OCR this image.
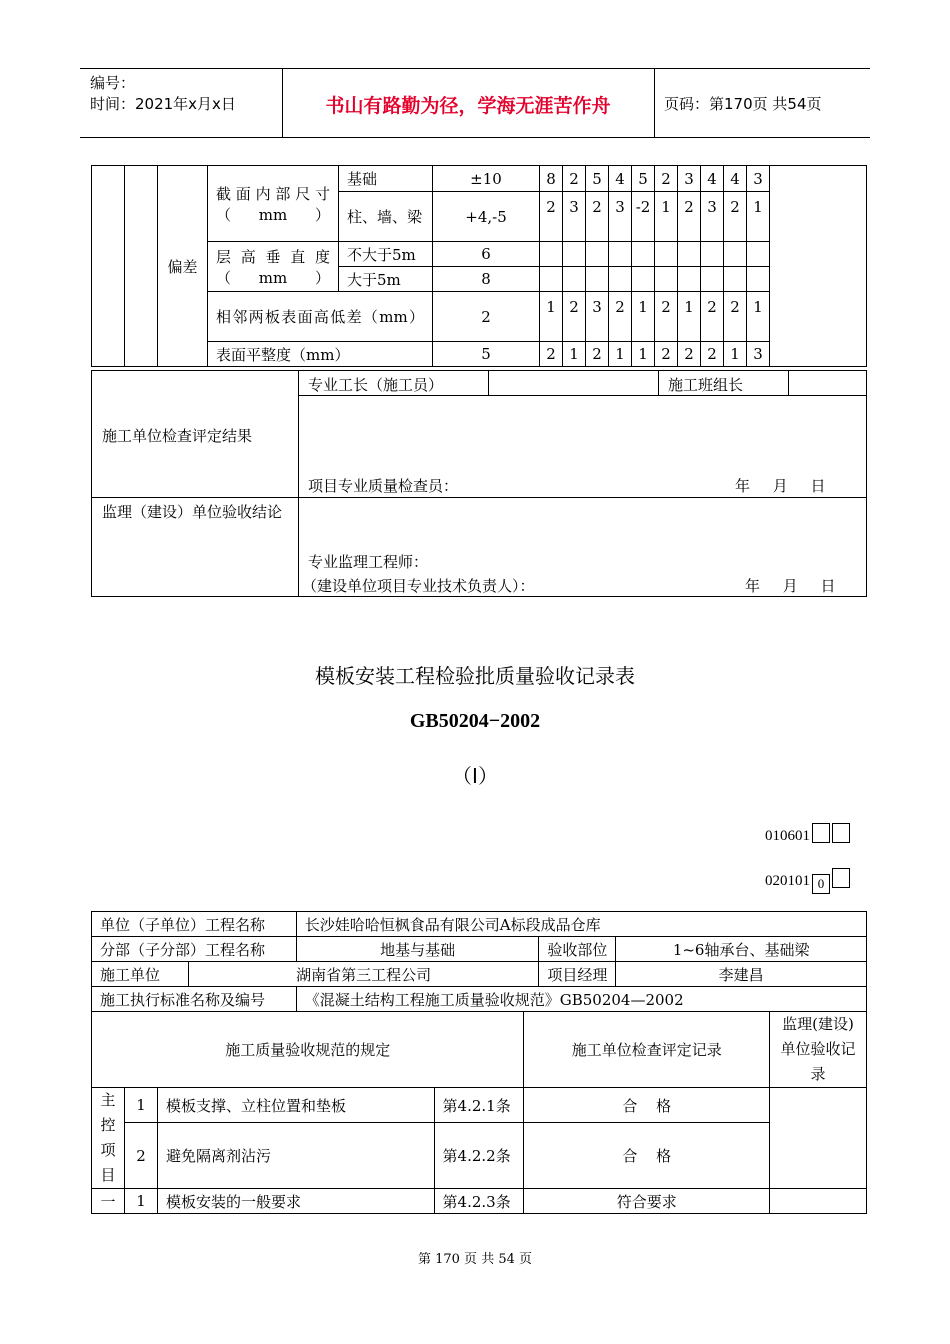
编号：
时间：2021年x月x日	书山有路勤为径，学海无涯苦作舟	页码：第170页 共54页
		偏差	截面内部尺寸（mm）	基础	±10	8	2	5	4	5	2	3	4	4	3	

				柱、墙、梁	+4,-5	2	3	2	3	-2	1	2	3	2	1	

			层高垂直度（mm）	不大于5m	6											
				大于5m	8											

			相邻两板表面高低差（mm）		2	1	2	3	2	1	2	1	2	2	1	
			表面平整度（mm）		5	2	1	2	1	1	2	2	2	1	3	
专业工长（施工员）	施工班组长
施工单位检查评定结果
项目专业质量检查员：	年 月 日
监理（建设）单位验收结论
专业监理工程师：
（建设单位项目专业技术负责人）：	年 月 日
模板安装工程检验批质量验收记录表
GB50204−2002
（Ⅰ）
010601
020101 0
单位（子单位）工程名称				长沙娃哈哈恒枫食品有限公司A标段成品仓库					
分部（子分部）工程名称				地基与基础			验收部位	1~6轴承台、基础梁	
施工单位			湖南省第三工程公司				项目经理	李建昌	
施工执行标准名称及编号				《混凝土结构工程施工质量验收规范》GB50204—2002					
施工质量验收规范的规定						施工单位检查评定记录			监理(建设)单位验收记录
主控项目	1	模板支撑、立柱位置和垫板			第4.2.1条	合 格			
	2	避免隔离剂沾污			第4.2.2条	合 格			
一	1	模板安装的一般要求			第4.2.3条	符合要求			
第 170 页 共 54 页
